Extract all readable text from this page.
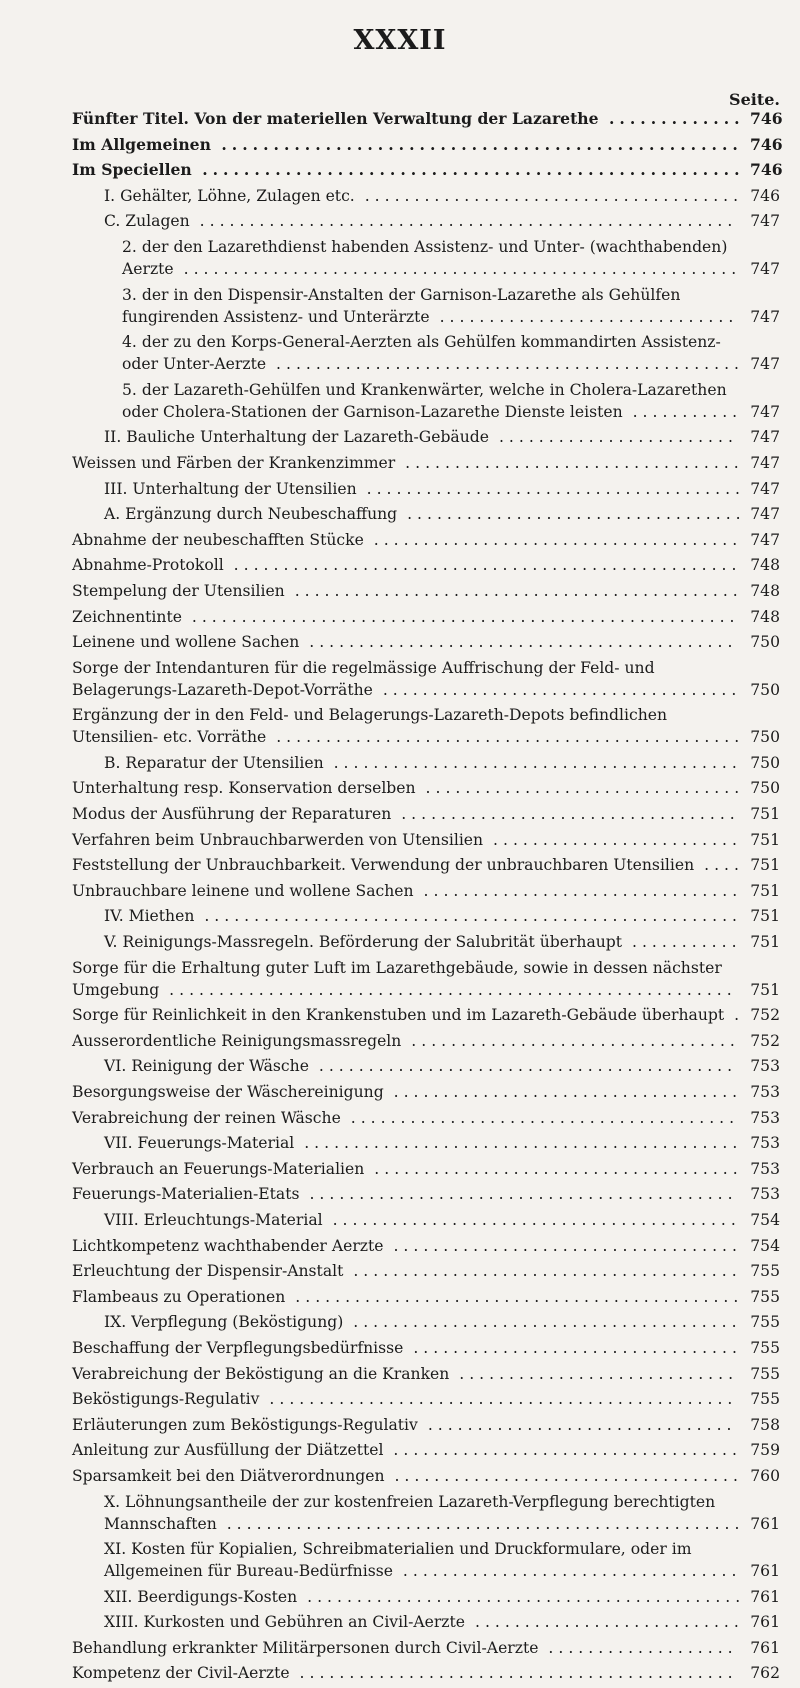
XXXII
Seite.
Fünfter Titel. Von der materiellen Verwaltung der Lazarethe ............. 746
Im Allgemeinen .................................................. 746
Im Speciellen .................................................... 746
I. Gehälter, Löhne, Zulagen etc. ...................................... 746
C. Zulagen ...................................................... 747
2. der den Lazarethdienst habenden Assistenz- und Unter- (wachthabenden) Aerzte ........................................................ 747
3. der in den Dispensir-Anstalten der Garnison-Lazarethe als Gehülfen fungirenden Assistenz- und Unterärzte .............................. 747
4. der zu den Korps-General-Aerzten als Gehülfen kommandirten Assistenz- oder Unter-Aerzte ............................................... 747
5. der Lazareth-Gehülfen und Krankenwärter, welche in Cholera-Lazarethen oder Cholera-Stationen der Garnison-Lazarethe Dienste leisten ........... 747
II. Bauliche Unterhaltung der Lazareth-Gebäude ........................ 747
Weissen und Färben der Krankenzimmer .................................. 747
III. Unterhaltung der Utensilien ...................................... 747
A. Ergänzung durch Neubeschaffung .................................. 747
Abnahme der neubeschafften Stücke ..................................... 747
Abnahme-Protokoll ................................................... 748
Stempelung der Utensilien ............................................. 748
Zeichnentinte ....................................................... 748
Leinene und wollene Sachen ........................................... 750
Sorge der Intendanturen für die regelmässige Auffrischung der Feld- und Belagerungs-Lazareth-Depot-Vorräthe .................................... 750
Ergänzung der in den Feld- und Belagerungs-Lazareth-Depots befindlichen Utensilien- etc. Vorräthe ............................................... 750
B. Reparatur der Utensilien ......................................... 750
Unterhaltung resp. Konservation derselben ................................ 750
Modus der Ausführung der Reparaturen .................................. 751
Verfahren beim Unbrauchbarwerden von Utensilien ......................... 751
Feststellung der Unbrauchbarkeit. Verwendung der unbrauchbaren Utensilien .... 751
Unbrauchbare leinene und wollene Sachen ................................ 751
IV. Miethen ...................................................... 751
V. Reinigungs-Massregeln. Beförderung der Salubrität überhaupt ........... 751
Sorge für die Erhaltung guter Luft im Lazarethgebäude, sowie in dessen nächster Umgebung ......................................................... 751
Sorge für Reinlichkeit in den Krankenstuben und im Lazareth-Gebäude überhaupt . 752
Ausserordentliche Reinigungsmassregeln ................................. 752
VI. Reinigung der Wäsche .......................................... 753
Besorgungsweise der Wäschereinigung ................................... 753
Verabreichung der reinen Wäsche ....................................... 753
VII. Feuerungs-Material ............................................ 753
Verbrauch an Feuerungs-Materialien ..................................... 753
Feuerungs-Materialien-Etats ........................................... 753
VIII. Erleuchtungs-Material ......................................... 754
Lichtkompetenz wachthabender Aerzte ................................... 754
Erleuchtung der Dispensir-Anstalt ....................................... 755
Flambeaus zu Operationen ............................................. 755
IX. Verpflegung (Beköstigung) ....................................... 755
Beschaffung der Verpflegungsbedürfnisse ................................. 755
Verabreichung der Beköstigung an die Kranken ............................ 755
Beköstigungs-Regulativ ............................................... 755
Erläuterungen zum Beköstigungs-Regulativ ............................... 758
Anleitung zur Ausfüllung der Diätzettel ................................... 759
Sparsamkeit bei den Diätverordnungen ................................... 760
X. Löhnungsantheile der zur kostenfreien Lazareth-Verpflegung berechtigten Mannschaften .................................................... 761
XI. Kosten für Kopialien, Schreibmaterialien und Druckformulare, oder im Allgemeinen für Bureau-Bedürfnisse .................................. 761
XII. Beerdigungs-Kosten ............................................ 761
XIII. Kurkosten und Gebühren an Civil-Aerzte ........................... 761
Behandlung erkrankter Militärpersonen durch Civil-Aerzte ................... 761
Kompetenz der Civil-Aerzte ............................................ 762
